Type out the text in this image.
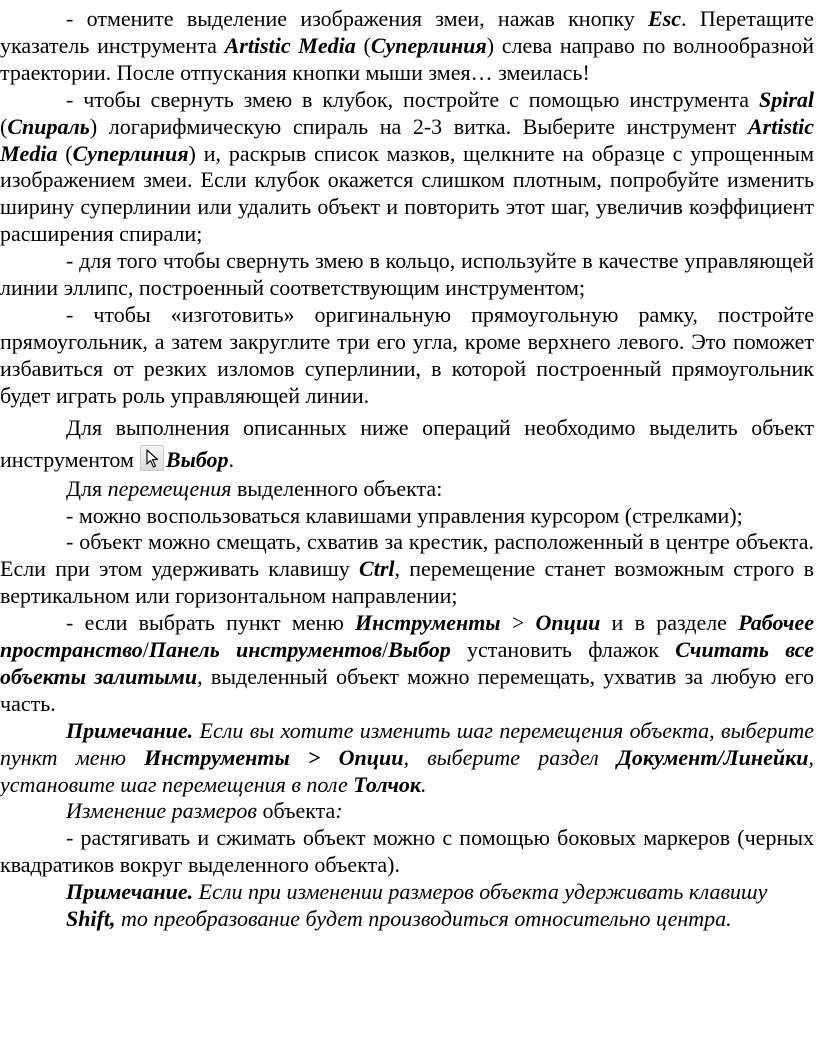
- отмените выделение изображения змеи, нажав кнопку Esc. Перетащите указатель инструмента Artistic Media (Суперлиния) слева направо по волнообразной траектории. После отпускания кнопки мыши змея… змеилась!

- чтобы свернуть змею в клубок, постройте с помощью инструмента Spiral (Спираль) логарифмическую спираль на 2-3 витка. Выберите инструмент Artistic Media (Суперлиния) и, раскрыв список мазков, щелкните на образце с упрощенным изображением змеи. Если клубок окажется слишком плотным, попробуйте изменить ширину суперлинии или удалить объект и повторить этот шаг, увеличив коэффициент расширения спирали;

- для того чтобы свернуть змею в кольцо, используйте в качестве управляющей линии эллипс, построенный соответствующим инструментом;

- чтобы «изготовить» оригинальную прямоугольную рамку, постройте прямоугольник, а затем закруглите три его угла, кроме верхнего левого. Это поможет избавиться от резких изломов суперлинии, в которой построенный прямоугольник будет играть роль управляющей линии.

Для выполнения описанных ниже операций необходимо выделить объект инструментом Выбор.

Для перемещения выделенного объекта:

- можно воспользоваться клавишами управления курсором (стрелками);

- объект можно смещать, схватив за крестик, расположенный в центре объекта. Если при этом удерживать клавишу Ctrl, перемещение станет возможным строго в вертикальном или горизонтальном направлении;

- если выбрать пункт меню Инструменты > Опции и в разделе Рабочее пространство/Панель инструментов/Выбор установить флажок Считать все объекты залитыми, выделенный объект можно перемещать, ухватив за любую его часть.

Примечание. Если вы хотите изменить шаг перемещения объекта, выберите пункт меню Инструменты > Опции, выберите раздел Документ/Линейки, установите шаг перемещения в поле Толчок.

Изменение размеров объекта:

- растягивать и сжимать объект можно с помощью боковых маркеров (черных квадратиков вокруг выделенного объекта).

Примечание. Если при изменении размеров объекта удерживать клавишу

Shift, то преобразование будет производиться относительно центра.
